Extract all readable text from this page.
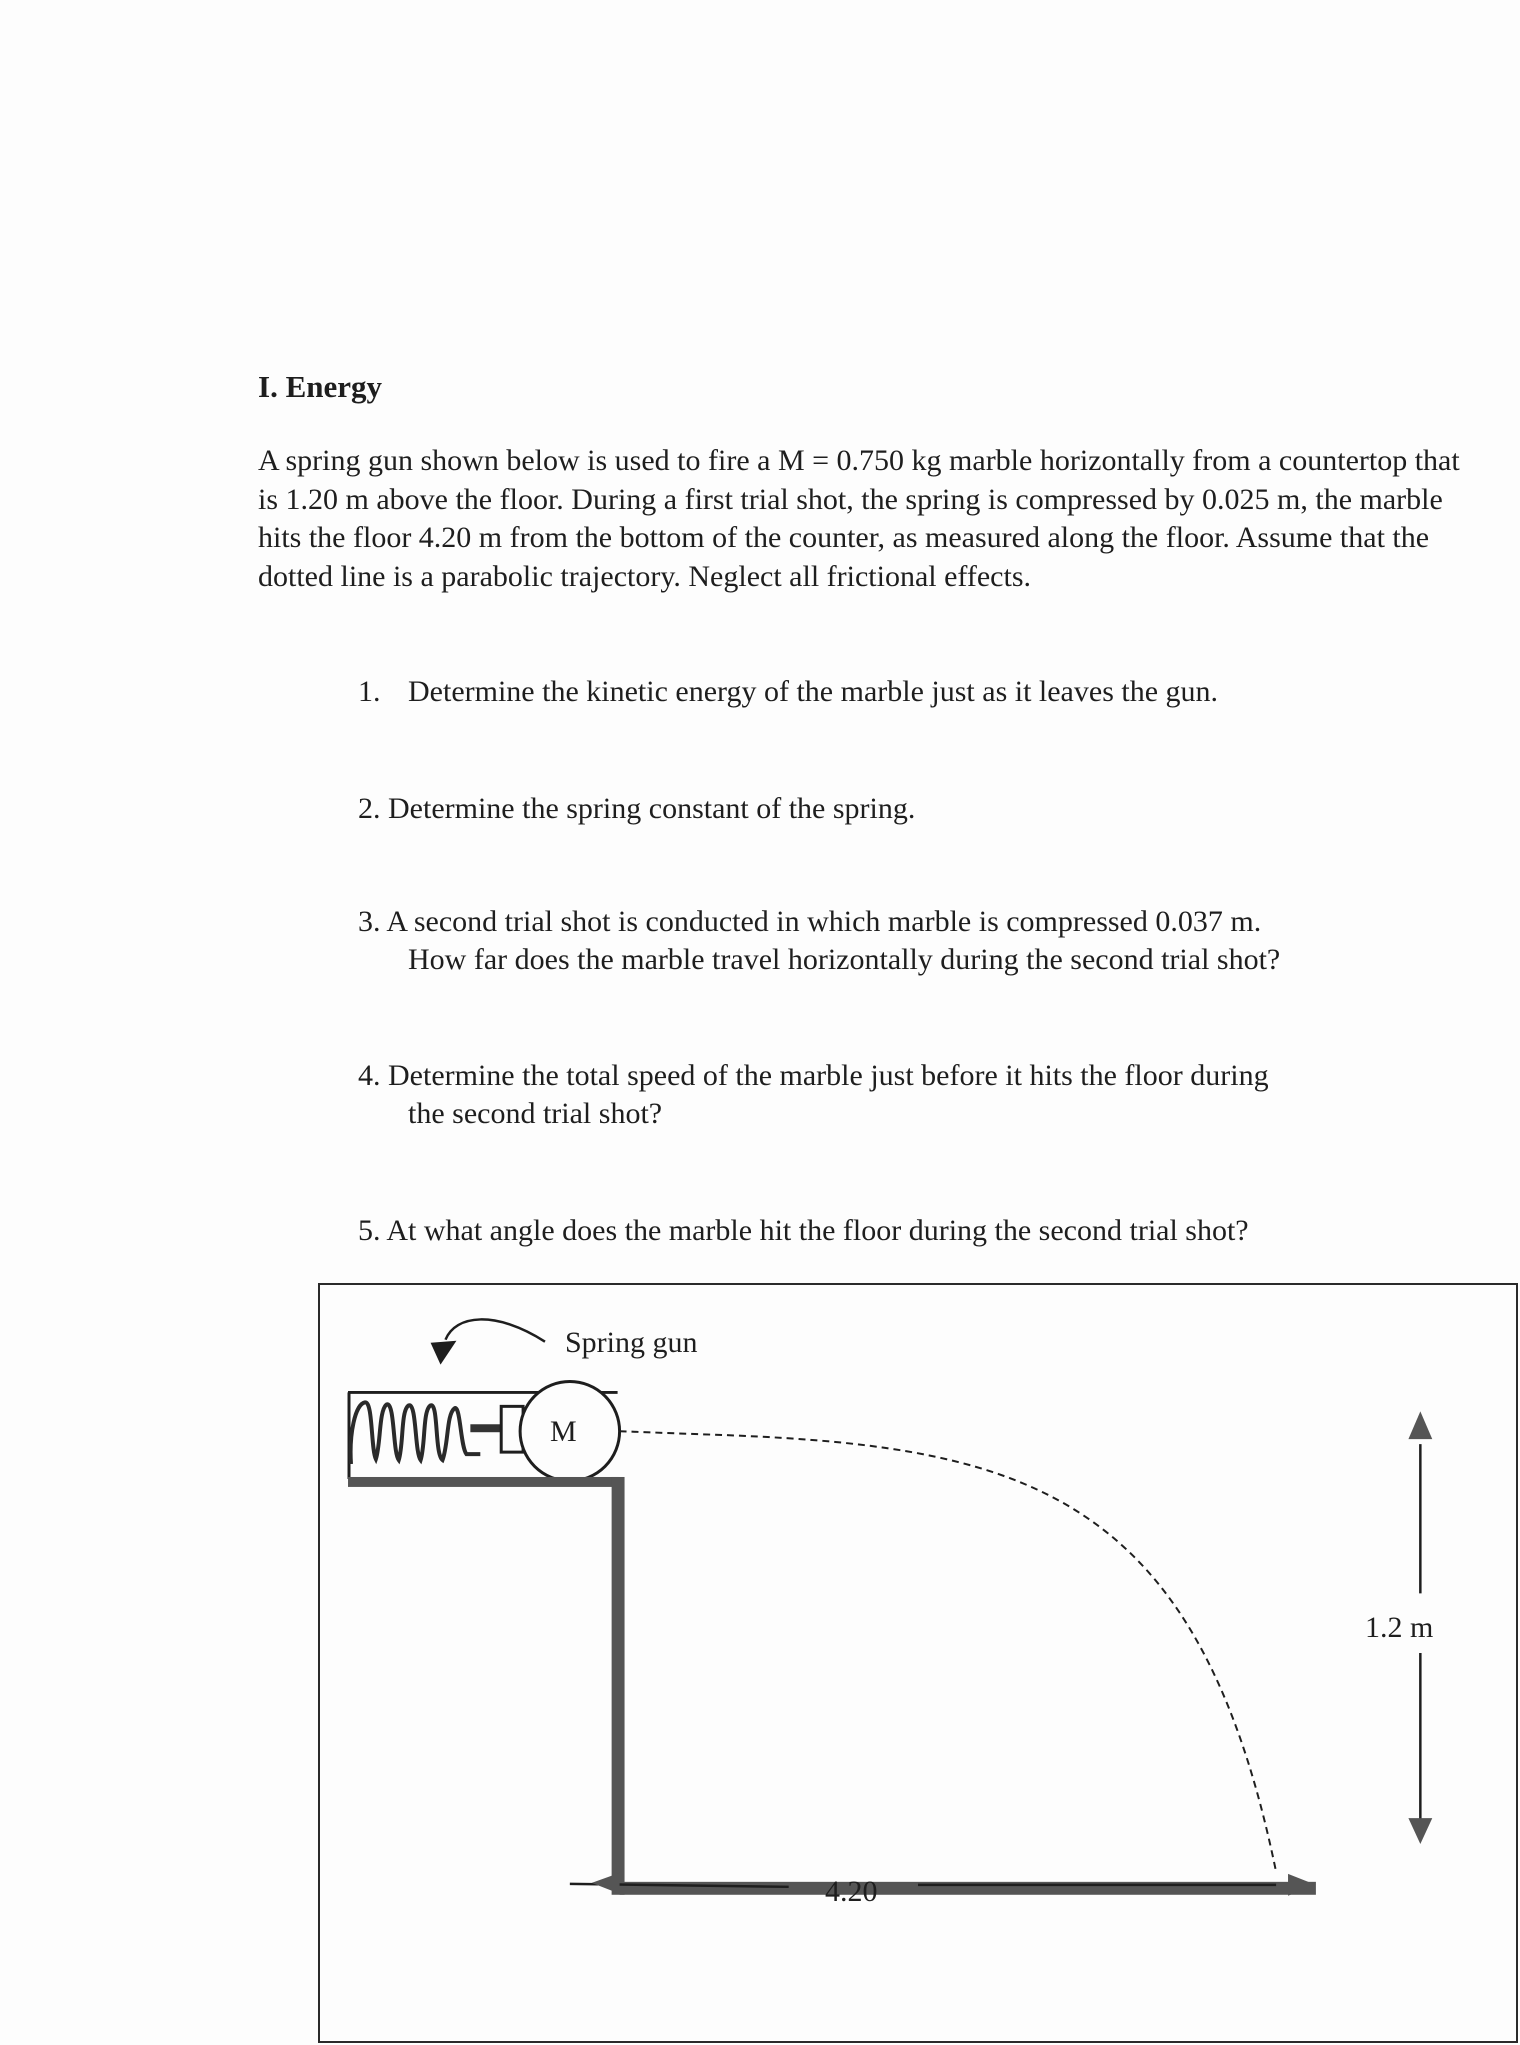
I. Energy
A spring gun shown below is used to fire a M = 0.750 kg marble horizontally from a countertop that is 1.20 m above the floor. During a first trial shot, the spring is compressed by 0.025 m, the marble hits the floor 4.20 m from the bottom of the counter, as measured along the floor. Assume that the dotted line is a parabolic trajectory. Neglect all frictional effects.
1. Determine the kinetic energy of the marble just as it leaves the gun.
2. Determine the spring constant of the spring.
3. A second trial shot is conducted in which marble is compressed 0.037 m.
How far does the marble travel horizontally during the second trial shot?
4. Determine the total speed of the marble just before it hits the floor during
the second trial shot?
5. At what angle does the marble hit the floor during the second trial shot?
Spring gun
M
1.2 m
4.20
